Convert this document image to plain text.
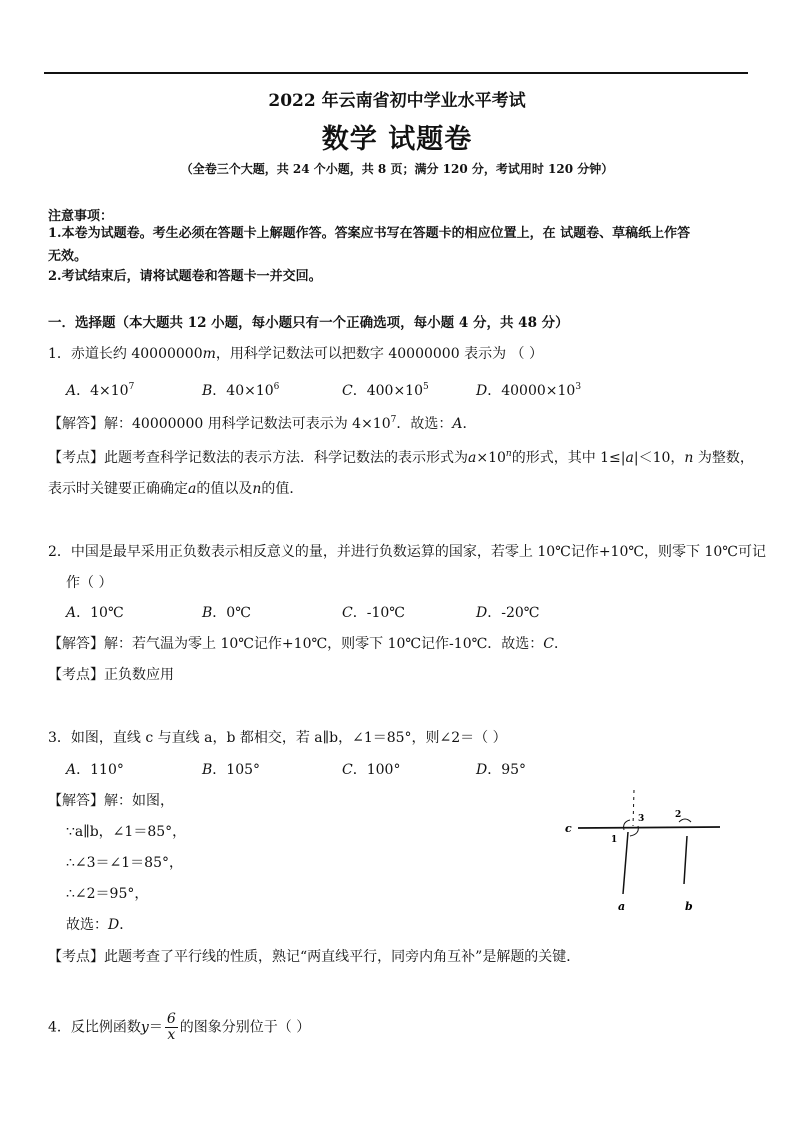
2022 年云南省初中学业水平考试
数学 试题卷
（全卷三个大题，共 24 个小题，共 8 页；满分 120 分，考试用时 120 分钟）
注意事项：
1.本卷为试题卷。考生必须在答题卡上解题作答。答案应书写在答题卡的相应位置上，在 试题卷、草稿纸上作答
无效。
2.考试结束后，请将试题卷和答题卡一并交回。
一．选择题（本大题共 12 小题，每小题只有一个正确选项，每小题 4 分，共 48 分）
1．赤道长约 40000000m，用科学记数法可以把数字 40000000 表示为 （ ）
A．$4\times 10^7$	B．$40\times 10^6$	C．$400\times 10^5$	D．$40000\times 10^3$
【解答】解：40000000 用科学记数法可表示为 $4\times 10^7$．故选：A．
【考点】此题考查科学记数法的表示方法．科学记数法的表示形式为$a\times 10^n$的形式，其中 1≤|a|＜10，n 为整数，
表示时关键要正确确定a的值以及n的值．
2．中国是最早采用正负数表示相反意义的量，并进行负数运算的国家，若零上 10℃记作+10℃，则零下 10℃可记
作（ ）
A．10℃	B．0℃	C．-10℃	D．-20℃
【解答】解：若气温为零上 10℃记作+10℃，则零下 10℃记作-10℃．故选：C．
【考点】正负数应用
3．如图，直线 c 与直线 a，b 都相交，若 a∥b，∠1＝85°，则∠2＝（ ）
A．110°	B．105°	C．100°	D．95°
【解答】解：如图，
∵a∥b，∠1＝85°，
∴∠3＝∠1＝85°，
∴∠2＝95°，
故选：D．
【考点】此题考查了平行线的性质，熟记“两直线平行，同旁内角互补”是解题的关键．
c
1
3	2
a	b
4．反比例函数$y= \frac{6}{x}$ 的图象分别位于（ ）
